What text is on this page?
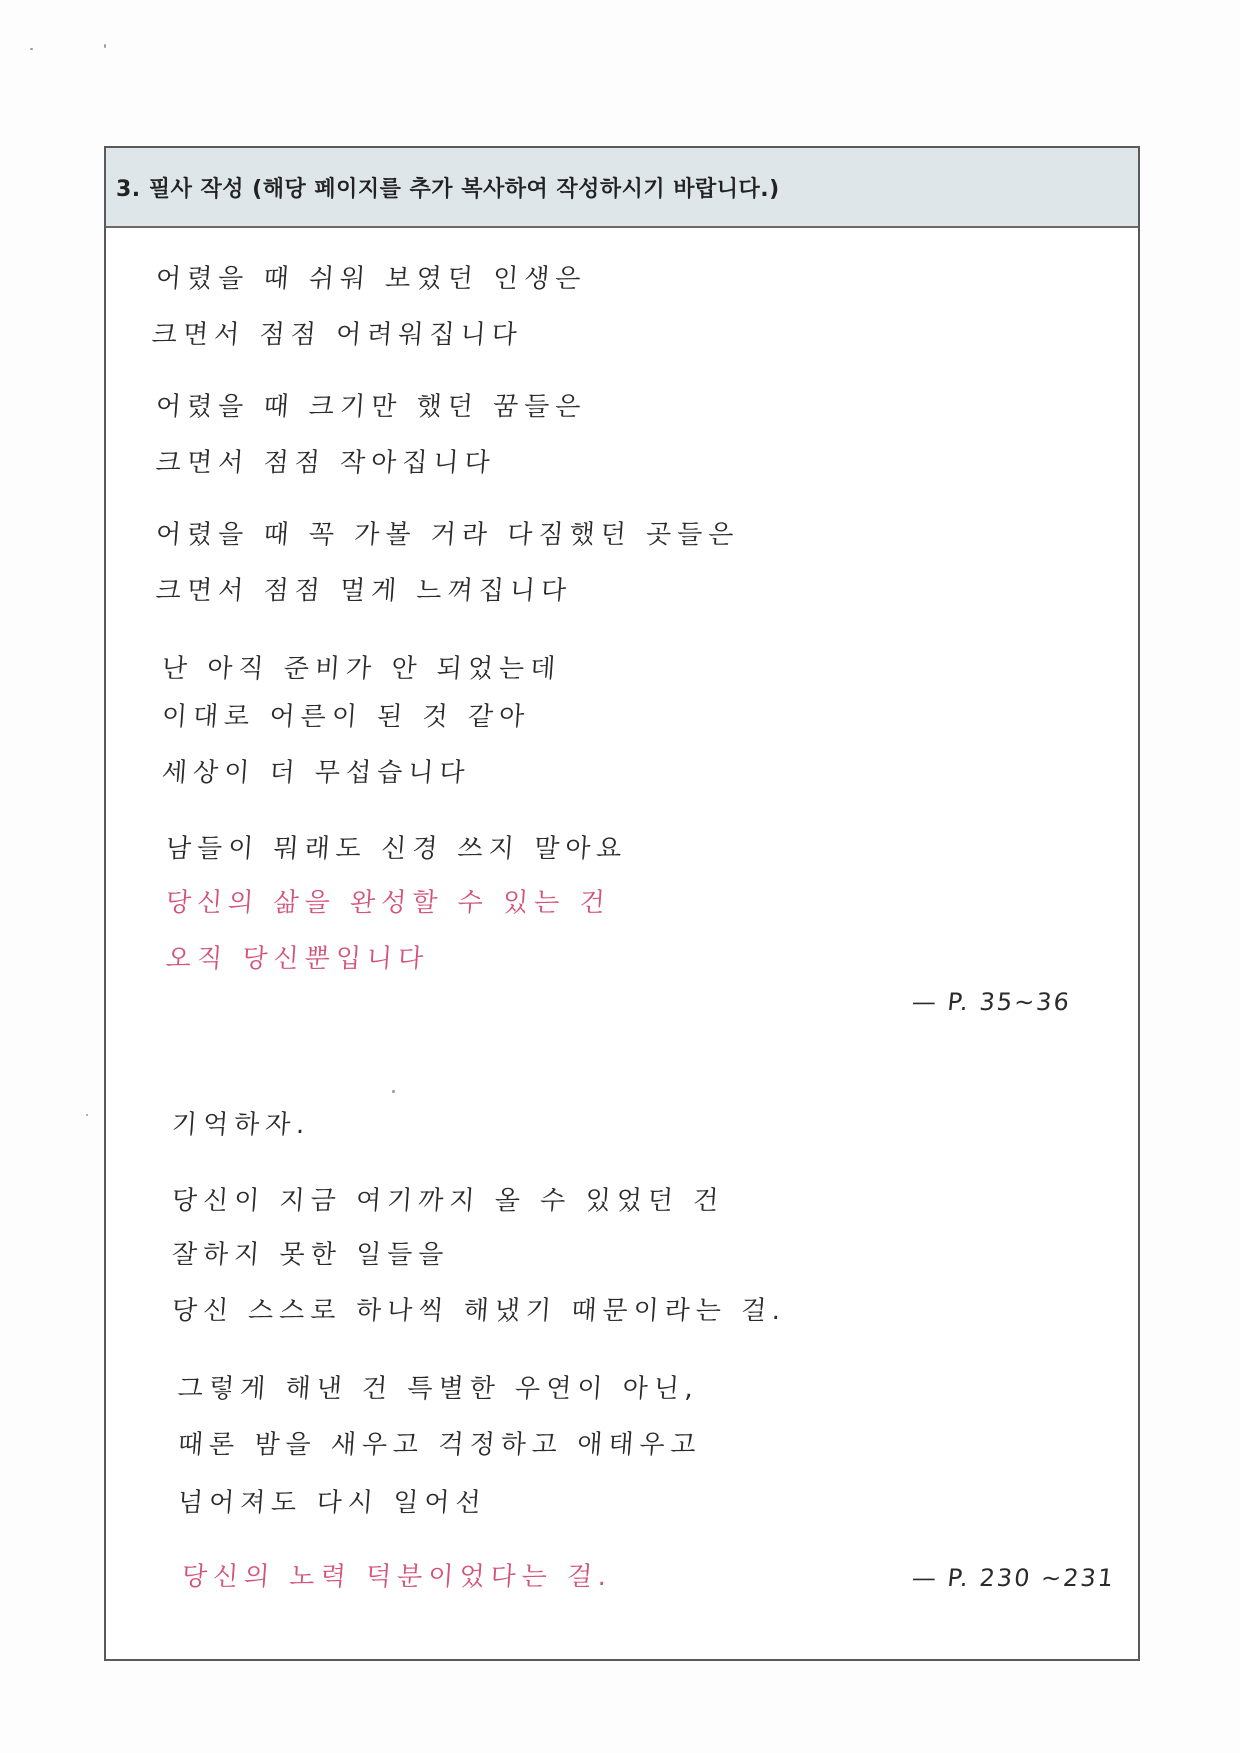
3. 필사 작성 (해당 페이지를 추가 복사하여 작성하시기 바랍니다.)
어렸을 때 쉬워 보였던 인생은
크면서 점점 어려워집니다
어렸을 때 크기만 했던 꿈들은
크면서 점점 작아집니다
어렸을 때 꼭 가볼 거라 다짐했던 곳들은
크면서 점점 멀게 느껴집니다
난 아직 준비가 안 되었는데
이대로 어른이 된 것 같아
세상이 더 무섭습니다
남들이 뭐래도 신경 쓰지 말아요
당신의 삶을 완성할 수 있는 건
오직 당신뿐입니다
— P. 35~36
기억하자.
당신이 지금 여기까지 올 수 있었던 건
잘하지 못한 일들을
당신 스스로 하나씩 해냈기 때문이라는 걸.
그렇게 해낸 건 특별한 우연이 아닌,
때론 밤을 새우고 걱정하고 애태우고
넘어져도 다시 일어선
당신의 노력 덕분이었다는 걸.	— P. 230 ~231
